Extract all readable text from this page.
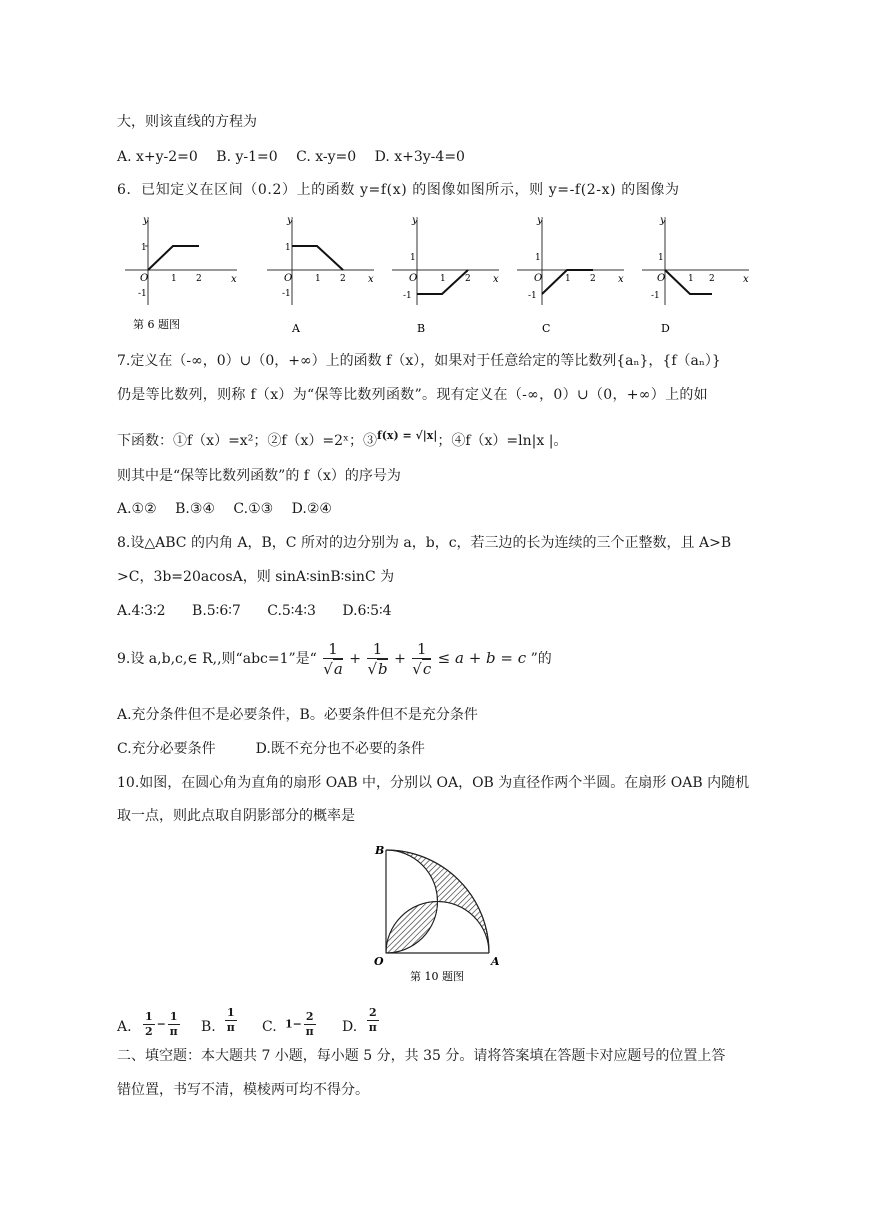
大，则该直线的方程为
A. x+y-2=0 B. y-1=0 C. x-y=0 D. x+3y-4=0
6．已知定义在区间（0.2）上的函数 y=f(x) 的图像如图所示，则 y=-f(2-x) 的图像为
y
x
O
1
1 2
-1
第 6 题图
y
x
O
1
1 2
-1
A
y
x
O
1
1 2
-1
B
y
x
O
1
1 2
-1
C
y
x
O
1
1 2
-1
D
7.定义在（-∞，0）∪（0，+∞）上的函数 f（x），如果对于任意给定的等比数列{aₙ}，{f（aₙ）}
仍是等比数列，则称 f（x）为“保等比数列函数”。现有定义在（-∞，0）∪（0，+∞）上的如
下函数：①f（x）=x²；②f（x）=2ˣ；③$^{f(x) = √|x|}$；④f（x）=ln|x |。
则其中是“保等比数列函数”的 f（x）的序号为
A.①② B.③④ C.①③ D.②④
8.设△ABC 的内角 A，B，C 所对的边分别为 a，b，c，若三边的长为连续的三个正整数，且 A>B
>C，3b=20acosA，则 sinA∶sinB∶sinC 为
A.4∶3∶2 B.5∶6∶7 C.5∶4∶3 D.6∶5∶4
9.设 a,b,c,∈ R,,则“abc=1”是“ $\frac{1}{√a} + \frac{1}{√b} + \frac{1}{√c} \le a + b = c$ ”的
A.充分条件但不是必要条件，B。必要条件但不是充分条件
C.充分必要条件	D.既不充分也不必要的条件
10.如图，在圆心角为直角的扇形 OAB 中，分别以 OA，OB 为直径作两个半圆。在扇形 OAB 内随机
取一点，则此点取自阴影部分的概率是
B
O	A
第 10 题图
A. $\frac{1}{2} - \frac{1}{\pi} B$. $\frac{1}{\pi} C$. $1- \frac{2}{\pi} D$. $\frac{2}{\pi}$
二、填空题：本大题共 7 小题，每小题 5 分，共 35 分。请将答案填在答题卡对应题号的位置上答
错位置，书写不清，模棱两可均不得分。
